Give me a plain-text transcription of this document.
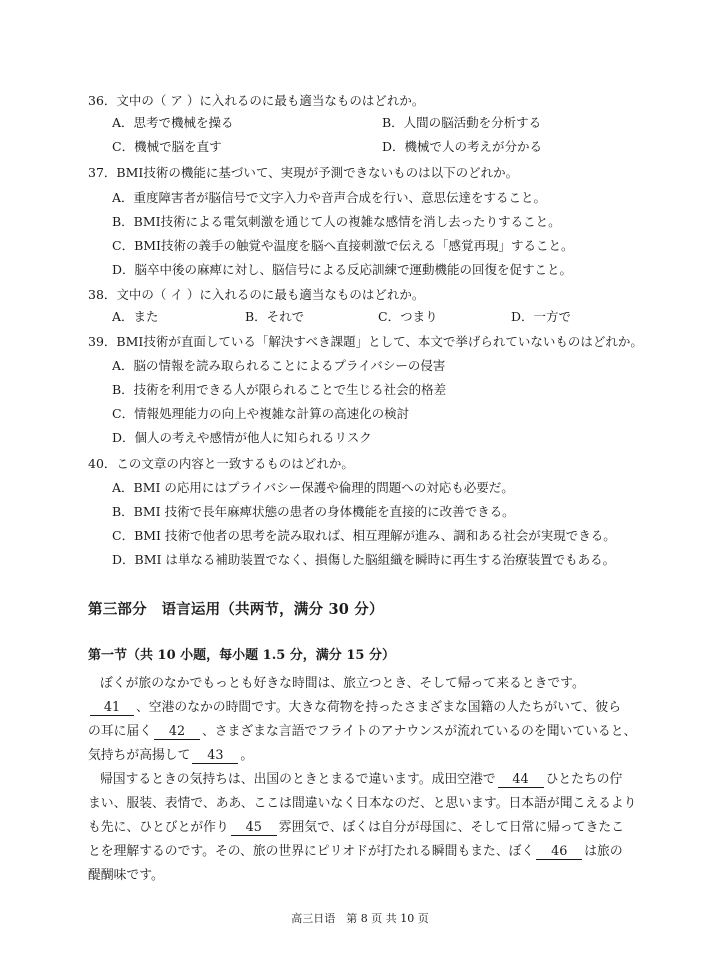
36．文中の（ ア ）に入れるのに最も適当なものはどれか。
A．思考で機械を操る	B．人間の脳活動を分析する
C．機械で脳を直す	D．機械で人の考えが分かる
37．BMI技術の機能に基づいて、実現が予測できないものは以下のどれか。
A．重度障害者が脳信号で文字入力や音声合成を行い、意思伝達をすること。
B．BMI技術による電気刺激を通じて人の複雑な感情を消し去ったりすること。
C．BMI技術の義手の触覚や温度を脳へ直接刺激で伝える「感覚再現」すること。
D．脳卒中後の麻痺に対し、脳信号による反応訓練で運動機能の回復を促すこと。
38．文中の（ イ ）に入れるのに最も適当なものはどれか。
A．また	B．それで	C．つまり	D．一方で
39．BMI技術が直面している「解決すべき課題」として、本文で挙げられていないものはどれか。
A．脳の情報を読み取られることによるプライバシーの侵害
B．技術を利用できる人が限られることで生じる社会的格差
C．情報処理能力の向上や複雑な計算の高速化の検討
D．個人の考えや感情が他人に知られるリスク
40．この文章の内容と一致するものはどれか。
A．BMI の応用にはプライバシー保護や倫理的問題への対応も必要だ。
B．BMI 技術で長年麻痺状態の患者の身体機能を直接的に改善できる。
C．BMI 技術で他者の思考を読み取れば、相互理解が進み、調和ある社会が実現できる。
D．BMI は単なる補助装置でなく、損傷した脳組織を瞬時に再生する治療装置でもある。
第三部分　语言运用（共两节，满分 30 分）
第一节（共 10 小题，每小题 1.5 分，满分 15 分）
ぼくが旅のなかでもっとも好きな時間は、旅立つとき、そして帰って来るときです。
41 、空港のなかの時間です。大きな荷物を持ったさまざまな国籍の人たちがいて、彼ら
の耳に届く 42 、さまざまな言語でフライトのアナウンスが流れているのを聞いていると、
気持ちが高揚して 43 。
帰国するときの気持ちは、出国のときとまるで違います。成田空港で 44 ひとたちの佇
まい、服装、表情で、ああ、ここは間違いなく日本なのだ、と思います。日本語が聞こえるより
も先に、ひとびとが作り 45 雰囲気で、ぼくは自分が母国に、そして日常に帰ってきたこ
とを理解するのです。その、旅の世界にピリオドが打たれる瞬間もまた、ぼく 46 は旅の
醍醐味です。
高三日语　第 8 页 共 10 页
